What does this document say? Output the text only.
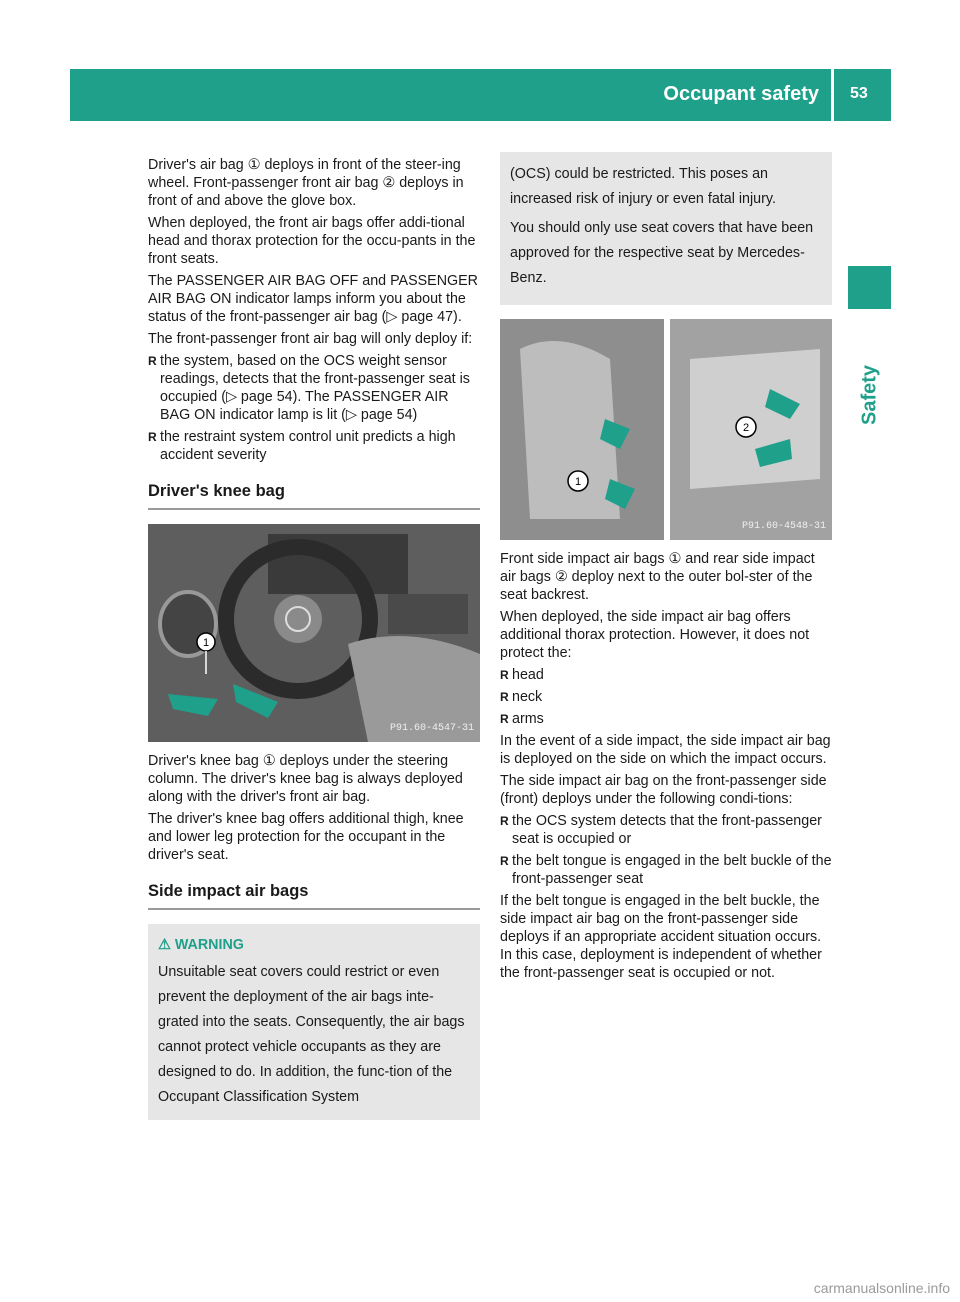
Occupant safety 53
Safety

Driver's air bag ① deploys in front of the steer-ing wheel. Front-passenger front air bag ② deploys in front of and above the glove box.

When deployed, the front air bags offer addi-tional head and thorax protection for the occu-pants in the front seats.

The PASSENGER AIR BAG OFF and PASSENGER AIR BAG ON indicator lamps inform you about the status of the front-passenger air bag (▷ page 47).

The front-passenger front air bag will only deploy if:

R the system, based on the OCS weight sensor readings, detects that the front-passenger seat is occupied (▷ page 54). The PASSENGER AIR BAG ON indicator lamp is lit (▷ page 54)
R the restraint system control unit predicts a high accident severity
Driver's knee bag
1
P91.60-4547-31

Driver's knee bag ① deploys under the steering column. The driver's knee bag is always deployed along with the driver's front air bag.

The driver's knee bag offers additional thigh, knee and lower leg protection for the occupant in the driver's seat.

Side impact air bags
⚠ WARNING

Unsuitable seat covers could restrict or even prevent the deployment of the air bags inte-grated into the seats. Consequently, the air bags cannot protect vehicle occupants as they are designed to do. In addition, the func-tion of the Occupant Classification System

(OCS) could be restricted. This poses an increased risk of injury or even fatal injury.

You should only use seat covers that have been approved for the respective seat by Mercedes-Benz.

1
2
P91.60-4548-31

Front side impact air bags ① and rear side impact air bags ② deploy next to the outer bol-ster of the seat backrest.

When deployed, the side impact air bag offers additional thorax protection. However, it does not protect the:

R head
R neck
R arms

In the event of a side impact, the side impact air bag is deployed on the side on which the impact occurs.

The side impact air bag on the front-passenger side (front) deploys under the following condi-tions:

R the OCS system detects that the front-passenger seat is occupied or
R the belt tongue is engaged in the belt buckle of the front-passenger seat

If the belt tongue is engaged in the belt buckle, the side impact air bag on the front-passenger side deploys if an appropriate accident situation occurs. In this case, deployment is independent of whether the front-passenger seat is occupied or not.

carmanualsonline.info
